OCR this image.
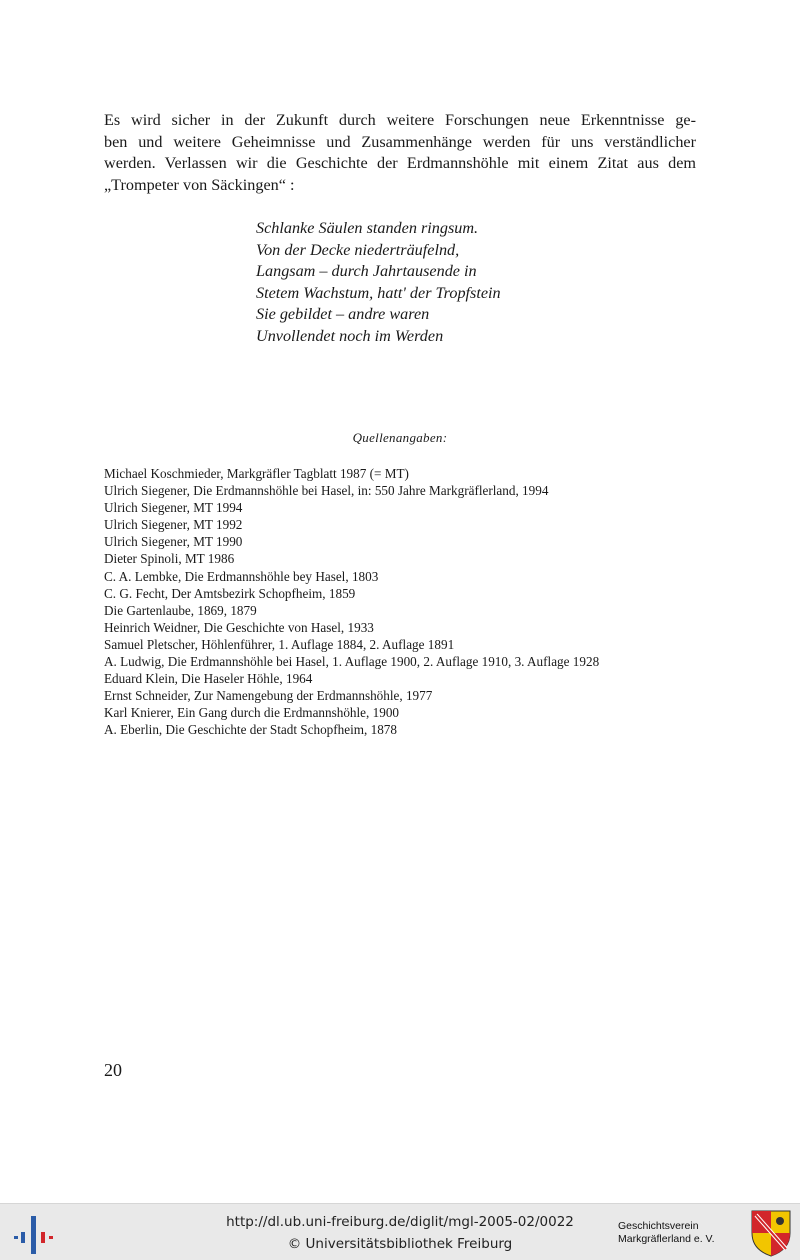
Es wird sicher in der Zukunft durch weitere Forschungen neue Erkenntnisse ge-
ben und weitere Geheimnisse und Zusammenhänge werden für uns verständlicher
werden. Verlassen wir die Geschichte der Erdmannshöhle mit einem Zitat aus dem
„Trompeter von Säckingen“ :
Schlanke Säulen standen ringsum.
Von der Decke niederträufelnd,
Langsam – durch Jahrtausende in
Stetem Wachstum, hatt' der Tropfstein
Sie gebildet – andre waren
Unvollendet noch im Werden
Quellenangaben:
Michael Koschmieder, Markgräfler Tagblatt 1987 (= MT)
Ulrich Siegener, Die Erdmannshöhle bei Hasel, in: 550 Jahre Markgräflerland, 1994
Ulrich Siegener, MT 1994
Ulrich Siegener, MT 1992
Ulrich Siegener, MT 1990
Dieter Spinoli, MT 1986
C. A. Lembke, Die Erdmannshöhle bey Hasel, 1803
C. G. Fecht, Der Amtsbezirk Schopfheim, 1859
Die Gartenlaube, 1869, 1879
Heinrich Weidner, Die Geschichte von Hasel, 1933
Samuel Pletscher, Höhlenführer, 1. Auflage 1884, 2. Auflage 1891
A. Ludwig, Die Erdmannshöhle bei Hasel, 1. Auflage 1900, 2. Auflage 1910, 3. Auflage 1928
Eduard Klein, Die Haseler Höhle, 1964
Ernst Schneider, Zur Namengebung der Erdmannshöhle, 1977
Karl Knierer, Ein Gang durch die Erdmannshöhle, 1900
A. Eberlin, Die Geschichte der Stadt Schopfheim, 1878
20
http://dl.ub.uni-freiburg.de/diglit/mgl-2005-02/0022
© Universitätsbibliothek Freiburg
Geschichtsverein
Markgräflerland e. V.
